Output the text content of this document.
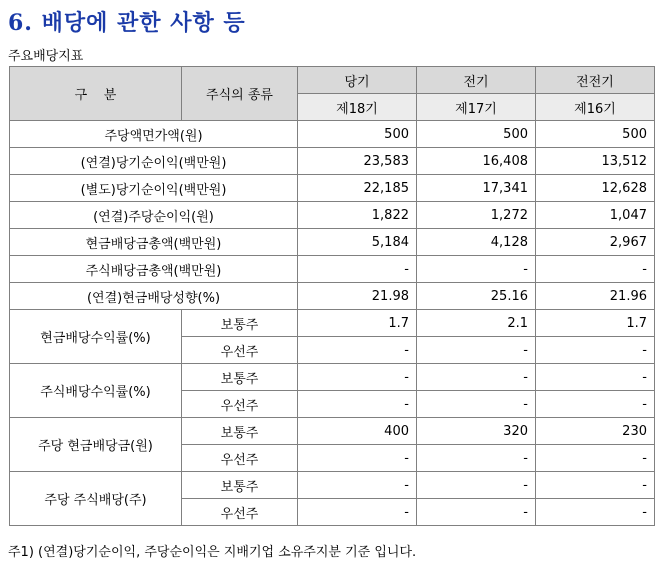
6. 배당에 관한 사항 등
주요배당지표
구    분	주식의 종류	당기	전기	전전기
		제18기	제17기	제16기
주당액면가액(원)		500	500	500
(연결)당기순이익(백만원)		23,583	16,408	13,512
(별도)당기순이익(백만원)		22,185	17,341	12,628
(연결)주당순이익(원)		1,822	1,272	1,047
현금배당금총액(백만원)		5,184	4,128	2,967
주식배당금총액(백만원)		-	-	-
(연결)현금배당성향(%)		21.98	25.16	21.96
현금배당수익률(%)	보통주	1.7	2.1	1.7
	우선주	-	-	-
주식배당수익률(%)	보통주	-	-	-
	우선주	-	-	-
주당 현금배당금(원)	보통주	400	320	230
	우선주	-	-	-
주당 주식배당(주)	보통주	-	-	-
	우선주	-	-	-
주1) (연결)당기순이익, 주당순이익은 지배기업 소유주지분 기준 입니다.
